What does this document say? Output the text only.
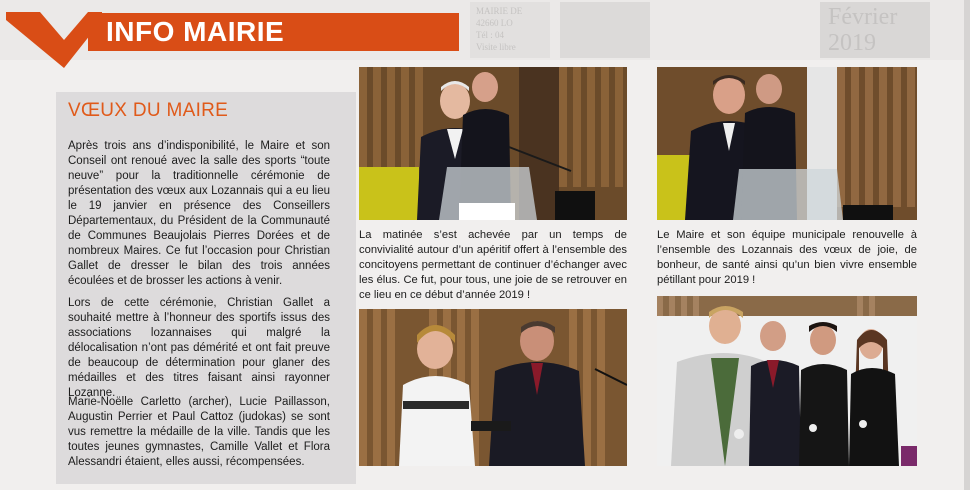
MAIRIE DE
42660 LO
Tél : 04
Visite libre
Février 2019
INFO MAIRIE
VŒUX DU MAIRE

Après trois ans d’indisponibilité, le Maire et son Conseil ont renoué avec la salle des sports “toute neuve” pour la traditionnelle cérémonie de présentation des vœux aux Lozannais qui a eu lieu le 19 janvier en présence des Conseillers Départementaux, du Président de la Communauté de Communes Beaujolais Pierres Dorées et de nombreux Maires. Ce fut l’occasion pour Christian Gallet de dresser le bilan des trois années écoulées et de brosser les actions à venir.

Lors de cette cérémonie, Christian Gallet a souhaité mettre à l’honneur des sportifs issus des associations lozannaises qui malgré la délocalisation n’ont pas démérité et ont fait preuve de beaucoup de détermination pour glaner des médailles et des titres faisant ainsi rayonner Lozanne.

Marie-Noëlle Carletto (archer), Lucie Paillasson, Augustin Perrier et Paul Cattoz (judokas) se sont vus remettre la médaille de la ville. Tandis que les toutes jeunes gymnastes, Camille Vallet et Flora Alessandri étaient, elles aussi, récompensées.

La matinée s’est achevée par un temps de convivialité autour d’un apéritif offert à l’ensemble des concitoyens permettant de continuer d’échanger avec les élus. Ce fut, pour tous, une joie de se retrouver en ce lieu en ce début d’année 2019 !
Le Maire et son équipe municipale renouvelle à l’ensemble des Lozannais des vœux de joie, de bonheur, de santé ainsi qu’un bien vivre ensemble pétillant pour 2019 !
